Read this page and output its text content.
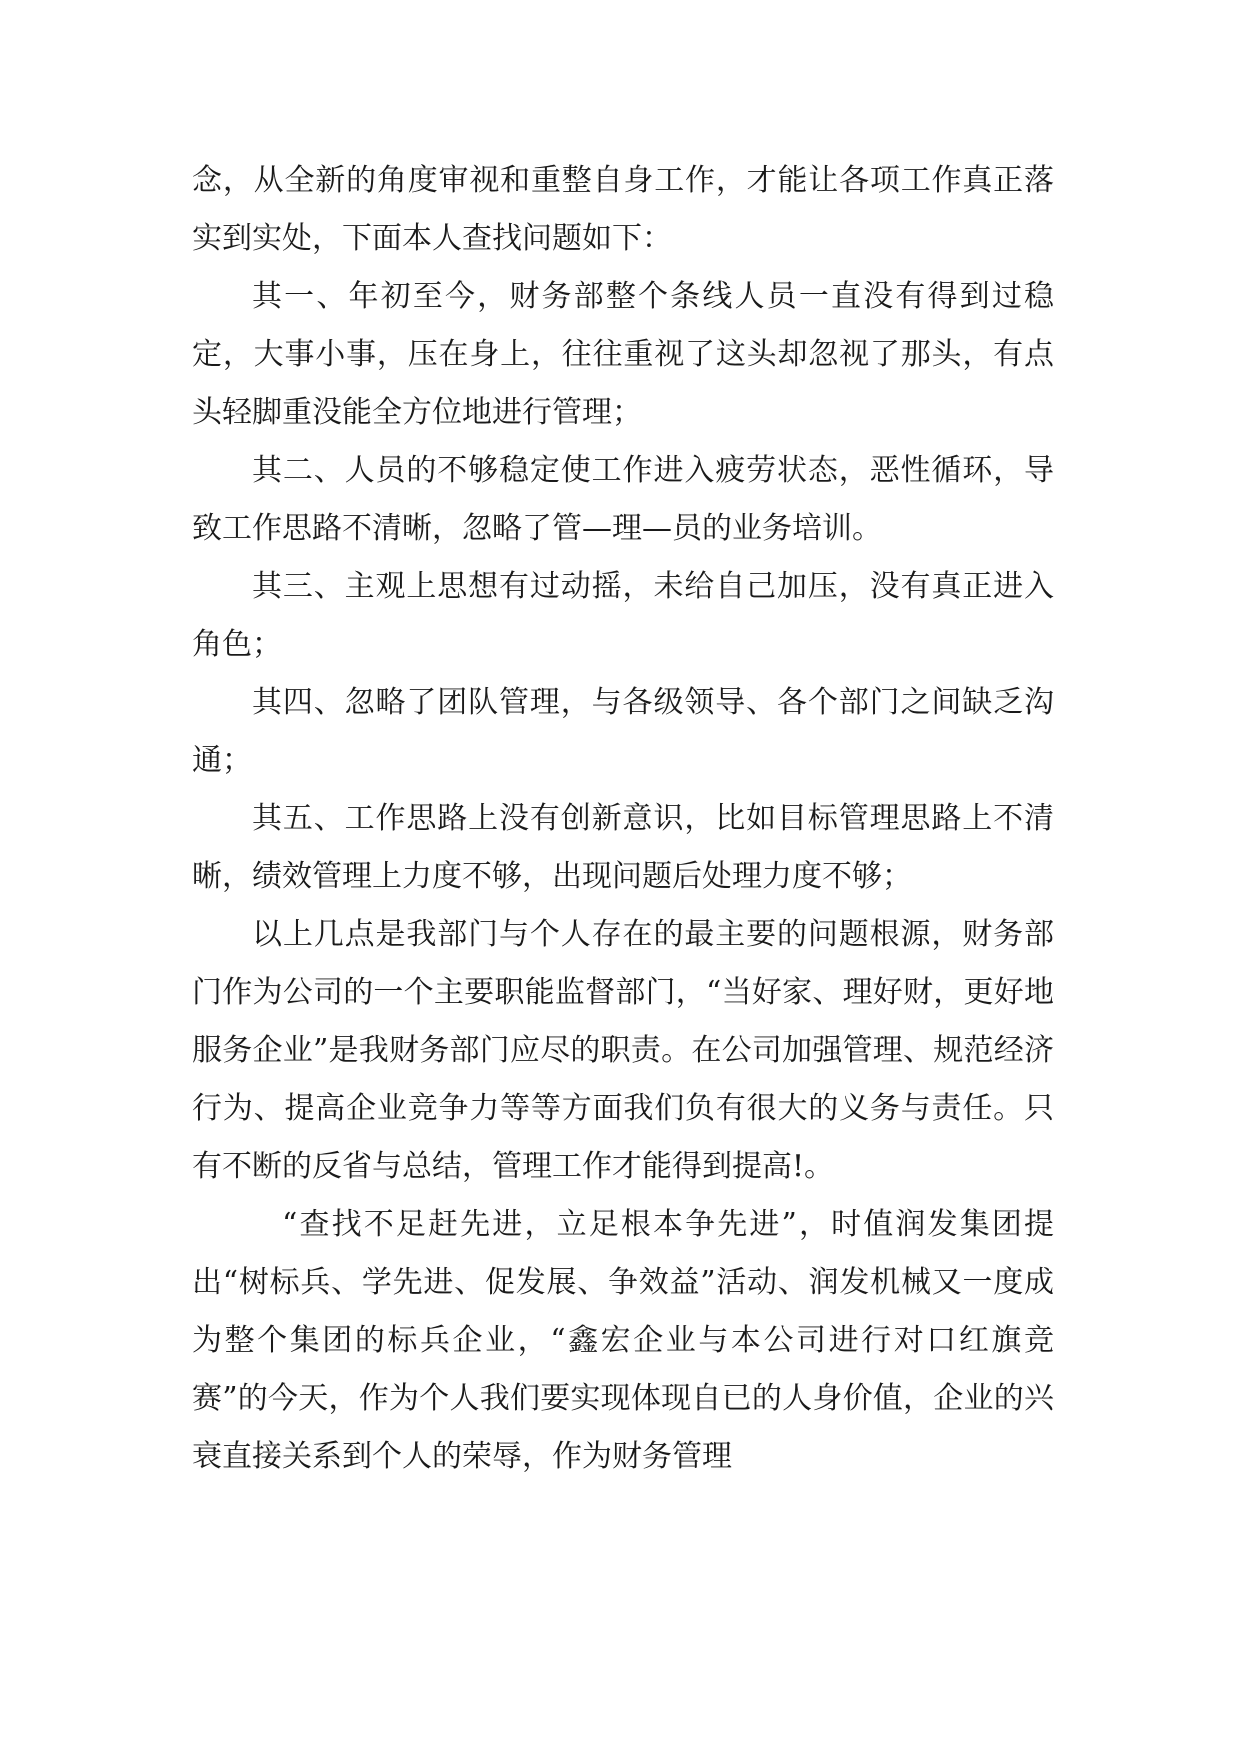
念，从全新的角度审视和重整自身工作，才能让各项工作真正落实到实处，下面本人查找问题如下：

其一、年初至今，财务部整个条线人员一直没有得到过稳定，大事小事，压在身上，往往重视了这头却忽视了那头，有点头轻脚重没能全方位地进行管理；

其二、人员的不够稳定使工作进入疲劳状态，恶性循环，导致工作思路不清晰，忽略了管—理—员的业务培训。

其三、主观上思想有过动摇，未给自己加压，没有真正进入角色；

其四、忽略了团队管理，与各级领导、各个部门之间缺乏沟通；

其五、工作思路上没有创新意识，比如目标管理思路上不清晰，绩效管理上力度不够，出现问题后处理力度不够；

以上几点是我部门与个人存在的最主要的问题根源，财务部门作为公司的一个主要职能监督部门，“当好家、理好财，更好地服务企业”是我财务部门应尽的职责。在公司加强管理、规范经济行为、提高企业竞争力等等方面我们负有很大的义务与责任。只有不断的反省与总结，管理工作才能得到提高!。

“查找不足赶先进，立足根本争先进”，时值润发集团提出“树标兵、学先进、促发展、争效益”活动、润发机械又一度成为整个集团的标兵企业，“鑫宏企业与本公司进行对口红旗竞赛”的今天，作为个人我们要实现体现自已的人身价值，企业的兴衰直接关系到个人的荣辱，作为财务管理
